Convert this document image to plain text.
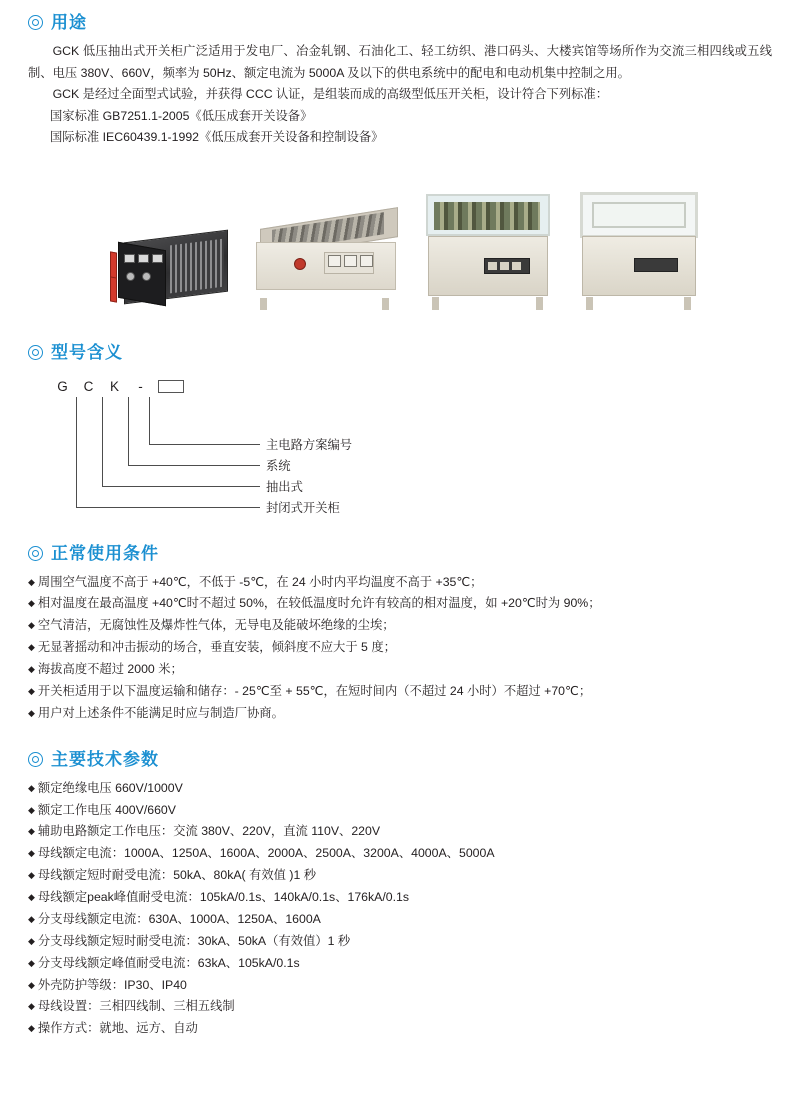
用途

GCK 低压抽出式开关柜广泛适用于发电厂、冶金轧钢、石油化工、轻工纺织、港口码头、大楼宾馆等场所作为交流三相四线或五线制、电压 380V、660V，频率为 50Hz、额定电流为 5000A 及以下的供电系统中的配电和电动机集中控制之用。

GCK 是经过全面型式试验，并获得 CCC 认证，是组装而成的高级型低压开关柜，设计符合下列标准：

国家标准 GB7251.1-2005《低压成套开关设备》

国际标准 IEC60439.1-1992《低压成套开关设备和控制设备》

型号含义
G	C	K	-
主电路方案编号
系统
抽出式
封闭式开关柜
正常使用条件
◆ 周围空气温度不高于 +40℃，不低于 -5℃，在 24 小时内平均温度不高于 +35℃；
◆ 相对温度在最高温度 +40℃时不超过 50%，在较低温度时允许有较高的相对温度，如 +20℃时为 90%；
◆ 空气清洁，无腐蚀性及爆炸性气体，无导电及能破坏绝缘的尘埃；
◆ 无显著摇动和冲击振动的场合，垂直安装，倾斜度不应大于 5 度；
◆ 海拔高度不超过 2000 米；
◆ 开关柜适用于以下温度运输和储存：- 25℃至 + 55℃，在短时间内（不超过 24 小时）不超过 +70℃；
◆ 用户对上述条件不能满足时应与制造厂协商。
主要技术参数
◆ 额定绝缘电压 660V/1000V
◆ 额定工作电压 400V/660V
◆ 辅助电路额定工作电压：交流 380V、220V，直流 110V、220V
◆ 母线额定电流：1000A、1250A、1600A、2000A、2500A、3200A、4000A、5000A
◆ 母线额定短时耐受电流：50kA、80kA( 有效值 )1 秒
◆ 母线额定peak峰值耐受电流：105kA/0.1s、140kA/0.1s、176kA/0.1s
◆ 分支母线额定电流：630A、1000A、1250A、1600A
◆ 分支母线额定短时耐受电流：30kA、50kA（有效值）1 秒
◆ 分支母线额定峰值耐受电流：63kA、105kA/0.1s
◆ 外壳防护等级：IP30、IP40
◆ 母线设置：三相四线制、三相五线制
◆ 操作方式：就地、远方、自动
